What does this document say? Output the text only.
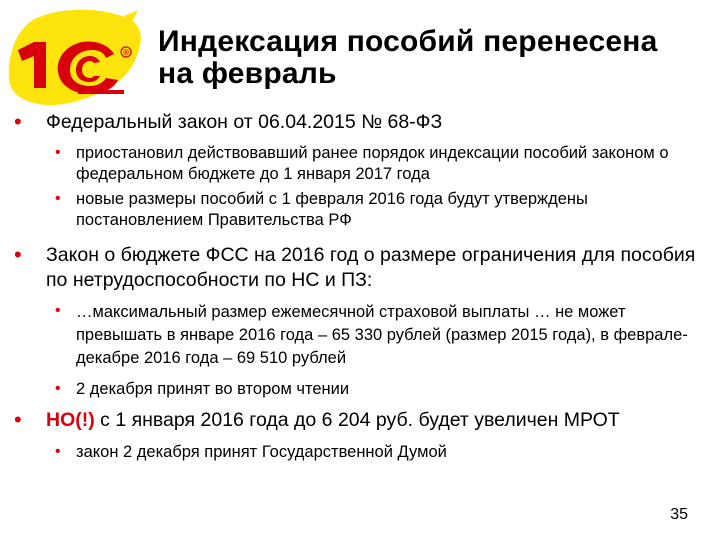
® Индексация пособий перенесена
на февраль
•	Федеральный закон от 06.04.2015 № 68-ФЗ
• приостановил действовавший ранее порядок индексации пособий законом о федеральном бюджете до 1 января 2017 года
• новые размеры пособий с 1 февраля 2016 года будут утверждены постановлением Правительства РФ
•	Закон о бюджете ФСС на 2016 год о размере ограничения для пособия по нетрудоспособности по НС и ПЗ:
• …максимальный размер ежемесячной страховой выплаты … не может превышать в январе 2016 года – 65 330 рублей (размер 2015 года), в феврале-декабре 2016 года – 69 510 рублей
• 2 декабря принят во втором чтении
•	НО(!) с 1 января 2016 года до 6 204 руб. будет увеличен МРОТ
• закон 2 декабря принят Государственной Думой
35
